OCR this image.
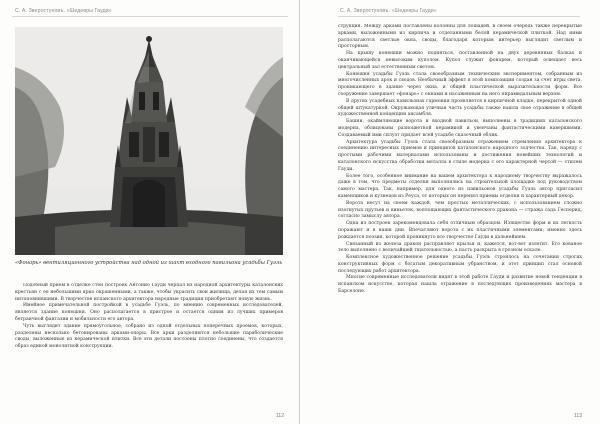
С. А. Зверостуновъ. «Шедевры Гауди»
«Фонарь» вентиляционного устройства над одной из шахт входного павильона усадьбы Гуэль

Подобный прием в отделке стен построек Антонио Гауди черпал из народной архитектуры каталонских крестьян с ее небольшими ярко окрашенными, а также, чтобы украсить свои жилища, делая их тем самым нитоповнившими. В творчестве испанского архитектора народные традиции приобретают новую жизнь.

Имейное примечательной постройкой в усадьбе Гуэль, по мнению современных исследователей, является здание конюшни. Оно располагается в пристрое и остается одним из лучших примеров бетраичной фантазии и мобильности его автора.

Чуть выглядит здание прямоугольное, собрано из одной отдельных поперечных проемов, которых, разделены несколько бетонированы арками-опоры. Все арки разделяются небольшие параболические своды, выложенные из керамической плитки. Все эти детали постоены плотно соединены, что создается образ единой монолитной конструкции.

112
С. А. Зверостуновъ. «Шедевры Гауди»

струкция. Между арками поставлены колонны для лошадей, в своем очередь также перекрытые арками, выложенными из кирпича и отделанными белой керамической плиткой. Над ними располагаются светлые окна, своды, благодаря которым интерьер выглядит светлым и просторным.

На крышу конюшни можно подняться, поставленной на двух деревянных балках и оканчивающейся невысоким куполом. Купол служит фонарем, который освещает весь центральный зал естественным светом.

Конюшня усадьбы Гуэль стала своеобразным техническим экспериментом, собранным из многочисленных арок и сводов. Необычный эффект в этой композиции создан за счет игры света, проникающего в здание через окна, и общей пластической выразительности форм. Все сооружение завершает «фонарь» с окнами и насаженным на него пирамидальным верхом.

В других усадебных павильонах гармония проявляется в кирпичной кладке, перекрытой одной общей штукатуркой. Окружающая уличная часть усадьбы также нашла свое отражение в общей художественной концепции ансамбля.

Башни, окаймляющие ворота и входной павильон, выполнены в традициях каталонского модерна, облицованы разноцветной керамикой и увенчаны фантастическими навершиями. Создаваемый ими силуэт придает всей усадьбе сказочный облик.

Архитектура усадьбы Гуэль стала своеобразным отражением стремления архитектора к соединению интересных приемов и принципов каталонского народного зодчества. Так, наряду с простыми рабочими материалами использованы и достижения новейших технологий и каталонского искусства обработки металла в стиле модерна с его характерной чертой — стилем Гауди.

Более того, особенное внимание на вашем архитектора к народному творчеству выражалось даже в том, что предметы отделки выполнялись на строительной площадке под руководством самого мастера. Так, например, для одного из павильонов усадьбы Гуэль автор пригласил каменщиков и кузнецов из Реуса, от которых он перенял приемы отделки и характерный декор.

Ворота несут на своем каждой, чем простых металлических, с использованием сложно изогнутых прутьев и виньеток, воплощающих фантастического дракона — стража сада Гесперид, согласно замыслу автора.

Одна из построек зарекомендовала себя отличным образцом. Изящество форм и их легкость поражают и в наши дни. Впечатляют ворота с их пластичными элементами; именно здесь рождается поэзия, которой проникнуто все творчество Гауди в дальнейшем.

Связанный из железа дракон расправляет крылья и, кажется, вот-вот взлетит. Его кованое тело выполнено с величайшей тщательностью, а пасть раскрыта в грозном оскале.

Комплексное художественное решение усадьбы Гуэль строилось на сочетании строгих конструктивных форм с богатым декоративным убранством, и этот принцип стал основой последующих работ архитектора.

Многие современные исследователи видят в этой работе Гауди и развитие новой тенденции в испанском искусстве, которая нашла отражение в последующих произведениях мастера в Барселоне.

113
